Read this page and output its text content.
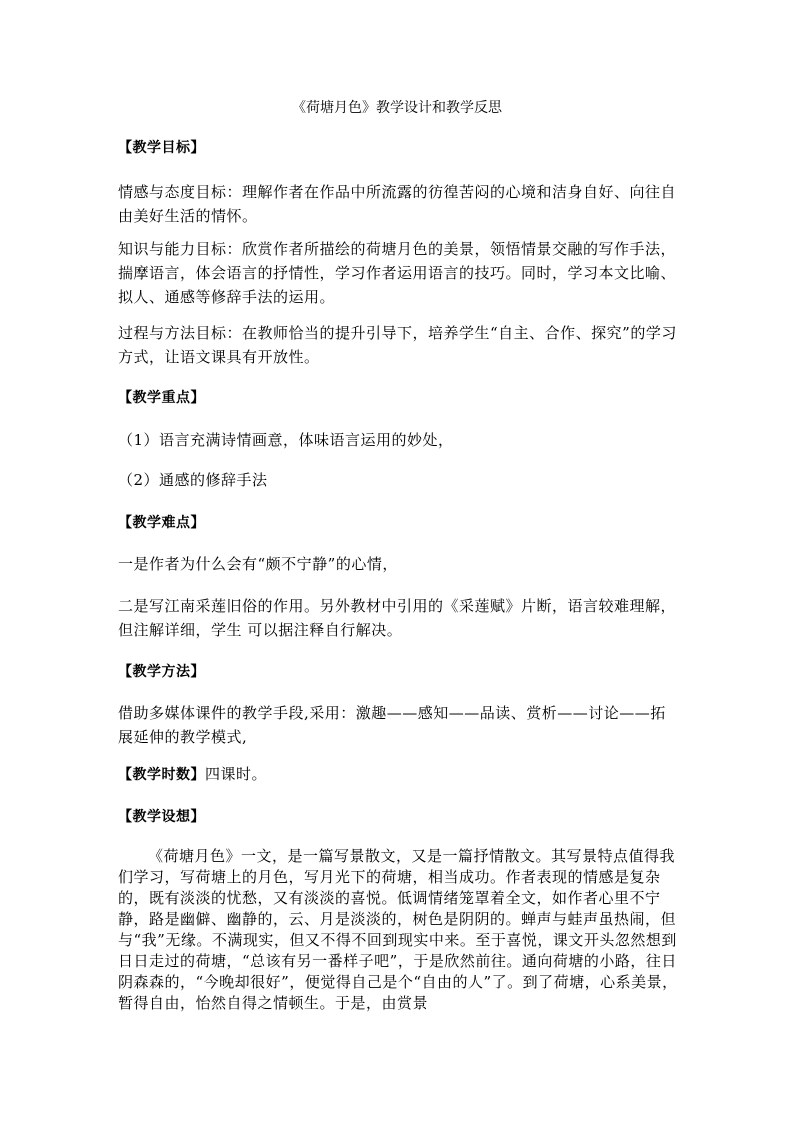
《荷塘月色》教学设计和教学反思

【教学目标】

情感与态度目标：理解作者在作品中所流露的彷徨苦闷的心境和洁身自好、向往自由美好生活的情怀。

知识与能力目标：欣赏作者所描绘的荷塘月色的美景，领悟情景交融的写作手法，揣摩语言，体会语言的抒情性，学习作者运用语言的技巧。同时，学习本文比喻、拟人、通感等修辞手法的运用。

过程与方法目标：在教师恰当的提升引导下，培养学生“自主、合作、探究”的学习方式，让语文课具有开放性。

【教学重点】

（1）语言充满诗情画意，体味语言运用的妙处，

（2）通感的修辞手法

【教学难点】

一是作者为什么会有“颇不宁静”的心情，

二是写江南采莲旧俗的作用。另外教材中引用的《采莲赋》片断，语言较难理解，但注解详细，学生 可以据注释自行解决。

【教学方法】

借助多媒体课件的教学手段,采用：激趣——感知——品读、赏析——讨论——拓展延伸的教学模式,

【教学时数】四课时。

【教学设想】

《荷塘月色》一文，是一篇写景散文，又是一篇抒情散文。其写景特点值得我们学习，写荷塘上的月色，写月光下的荷塘，相当成功。作者表现的情感是复杂的，既有淡淡的忧愁，又有淡淡的喜悦。低调情绪笼罩着全文，如作者心里不宁静，路是幽僻、幽静的，云、月是淡淡的，树色是阴阴的。蝉声与蛙声虽热闹，但与“我”无缘。不满现实，但又不得不回到现实中来。至于喜悦，课文开头忽然想到日日走过的荷塘，“总该有另一番样子吧”，于是欣然前往。通向荷塘的小路，往日阴森森的，“今晚却很好”，便觉得自己是个“自由的人”了。到了荷塘，心系美景，暂得自由，怡然自得之情顿生。于是，由赏景
